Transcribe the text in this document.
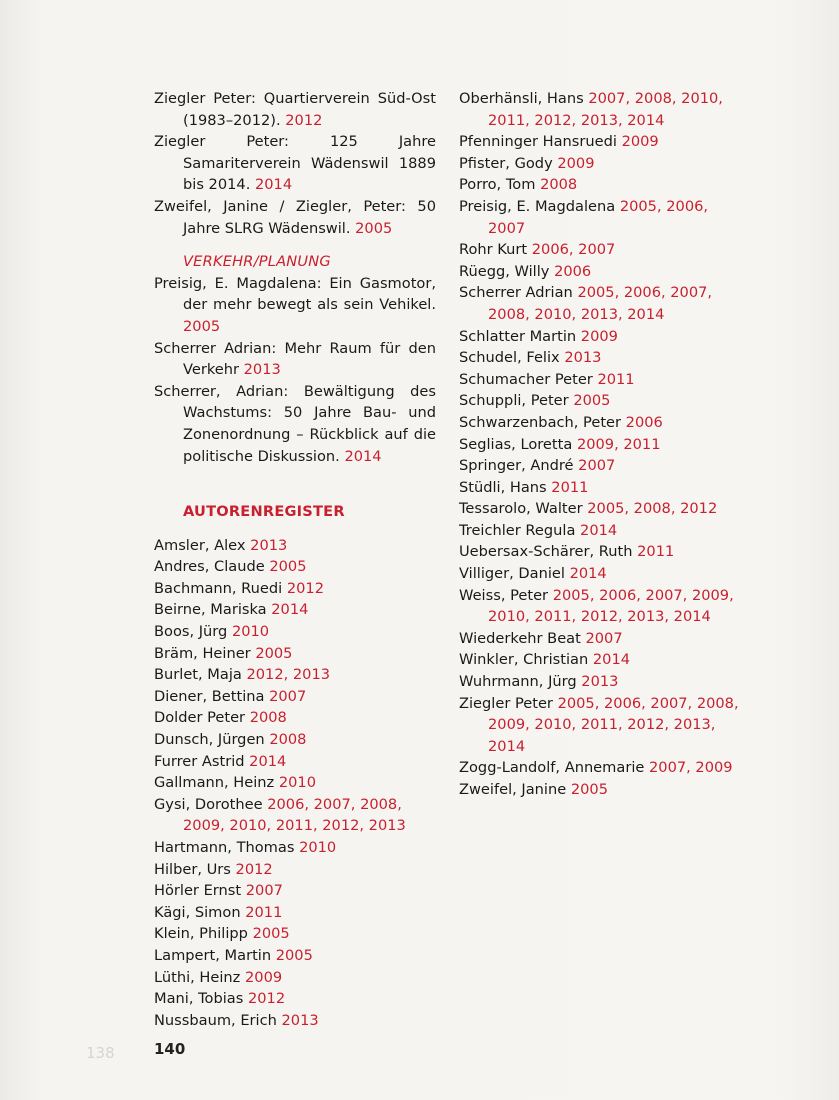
Ziegler Peter: Quartierverein Süd-Ost (1983–2012). 2012

Ziegler Peter: 125 Jahre Samariterverein Wädenswil 1889 bis 2014. 2014

Zweifel, Janine / Ziegler, Peter: 50 Jahre SLRG Wädenswil. 2005

VERKEHR/PLANUNG

Preisig, E. Magdalena: Ein Gasmotor, der mehr bewegt als sein Vehikel. 2005

Scherrer Adrian: Mehr Raum für den Verkehr 2013

Scherrer, Adrian: Bewältigung des Wachstums: 50 Jahre Bau- und Zonenordnung – Rückblick auf die politische Diskussion. 2014

AUTORENREGISTER

Amsler, Alex 2013

Andres, Claude 2005

Bachmann, Ruedi 2012

Beirne, Mariska 2014

Boos, Jürg 2010

Bräm, Heiner 2005

Burlet, Maja 2012, 2013

Diener, Bettina 2007

Dolder Peter 2008

Dunsch, Jürgen 2008

Furrer Astrid 2014

Gallmann, Heinz 2010

Gysi, Dorothee 2006, 2007, 2008, 2009, 2010, 2011, 2012, 2013

Hartmann, Thomas 2010

Hilber, Urs 2012

Hörler Ernst 2007

Kägi, Simon 2011

Klein, Philipp 2005

Lampert, Martin 2005

Lüthi, Heinz 2009

Mani, Tobias 2012

Nussbaum, Erich 2013

Oberhänsli, Hans 2007, 2008, 2010, 2011, 2012, 2013, 2014

Pfenninger Hansruedi 2009

Pfister, Gody 2009

Porro, Tom 2008

Preisig, E. Magdalena 2005, 2006, 2007

Rohr Kurt 2006, 2007

Rüegg, Willy 2006

Scherrer Adrian 2005, 2006, 2007, 2008, 2010, 2013, 2014

Schlatter Martin 2009

Schudel, Felix 2013

Schumacher Peter 2011

Schuppli, Peter 2005

Schwarzenbach, Peter 2006

Seglias, Loretta 2009, 2011

Springer, André 2007

Stüdli, Hans 2011

Tessarolo, Walter 2005, 2008, 2012

Treichler Regula 2014

Uebersax-Schärer, Ruth 2011

Villiger, Daniel 2014

Weiss, Peter 2005, 2006, 2007, 2009, 2010, 2011, 2012, 2013, 2014

Wiederkehr Beat 2007

Winkler, Christian 2014

Wuhrmann, Jürg 2013

Ziegler Peter 2005, 2006, 2007, 2008, 2009, 2010, 2011, 2012, 2013, 2014

Zogg-Landolf, Annemarie 2007, 2009

Zweifel, Janine 2005

138	140
